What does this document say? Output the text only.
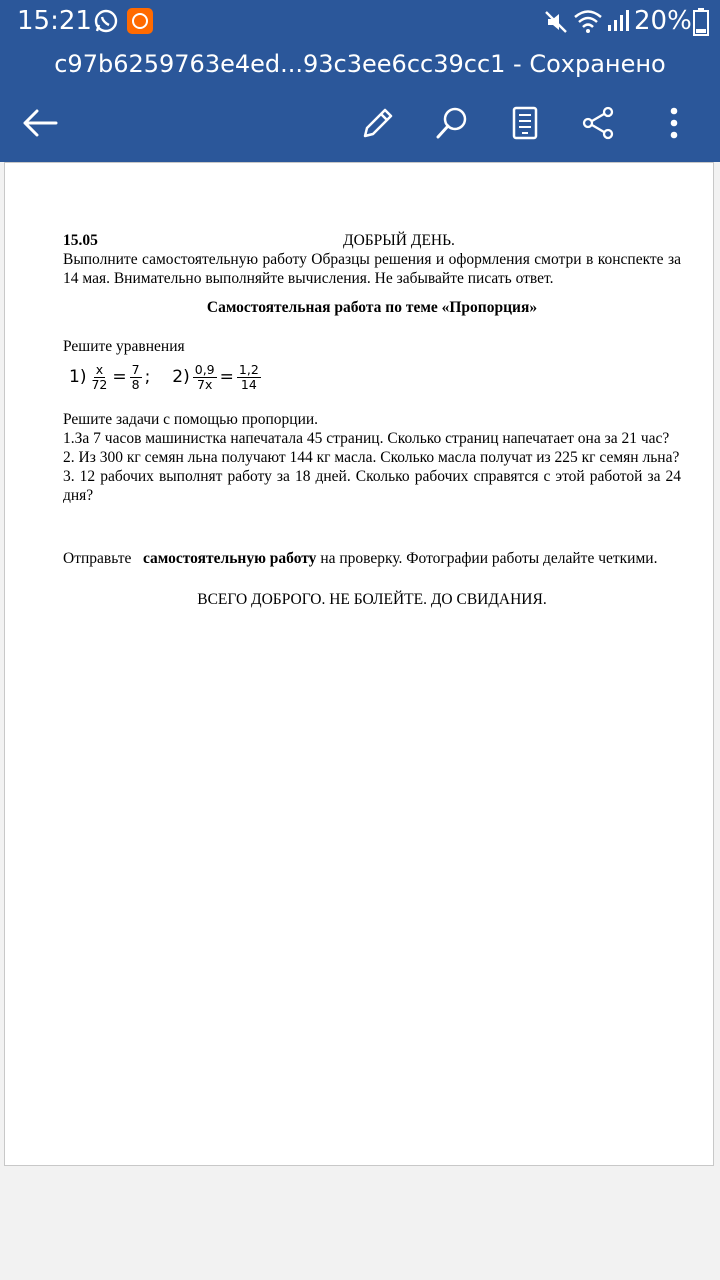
15:21	20%
c97b6259763e4ed...93c3ee6cc39cc1 - Сохранено
15.05	ДОБРЫЙ ДЕНЬ.

Выполните самостоятельную работу Образцы решения и оформления смотри в конспекте за 14 мая. Внимательно выполняйте вычисления. Не забывайте писать ответ.

Самостоятельная работа по теме «Пропорция»

Решите уравнения

$1) \frac{x}{72} = \frac{7}{8}$ ; $2) \frac{0,9}{7x} = \frac{1,2}{14}$

Решите задачи с помощью пропорции.

1.За 7 часов машинистка напечатала 45 страниц. Сколько страниц напечатает она за 21 час?

2. Из 300 кг семян льна получают 144 кг масла. Сколько масла получат из 225 кг семян льна?

3. 12 рабочих выполнят работу за 18 дней. Сколько рабочих справятся с этой работой за 24 дня?

Отправьте самостоятельную работу на проверку. Фотографии работы делайте четкими.

ВСЕГО ДОБРОГО. НЕ БОЛЕЙТЕ. ДО СВИДАНИЯ.
